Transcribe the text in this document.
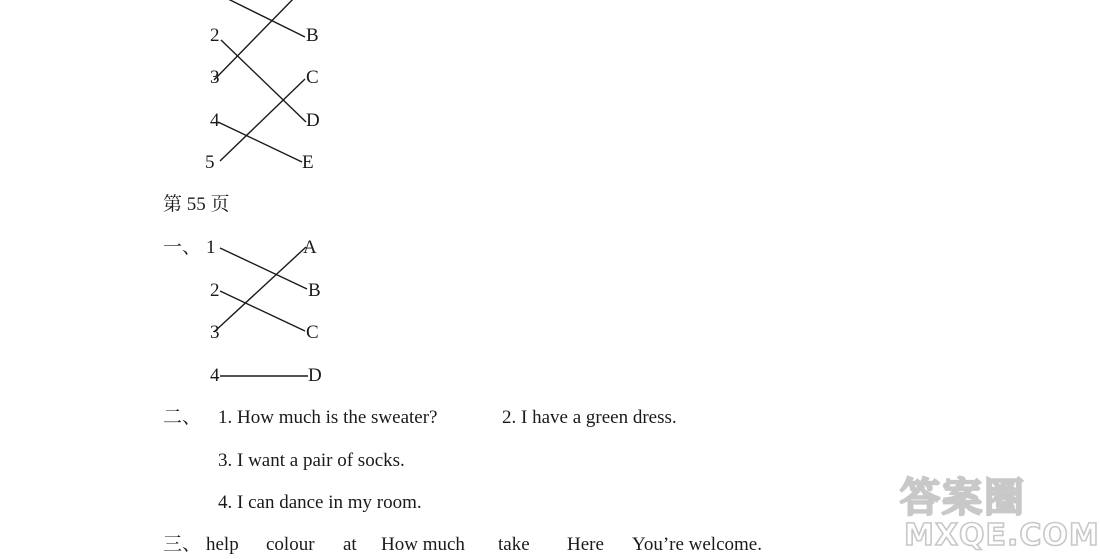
2
3
4
5
B
C
D
E
第 55 页
一、 1
2
3
4
A
B
C
D
二、 1. How much is the sweater?	2. I have a green dress.
3. I want a pair of socks.
4. I can dance in my room.
三、 help colour at How much take Here You’re welcome.
答案圈
MXQE.COM
